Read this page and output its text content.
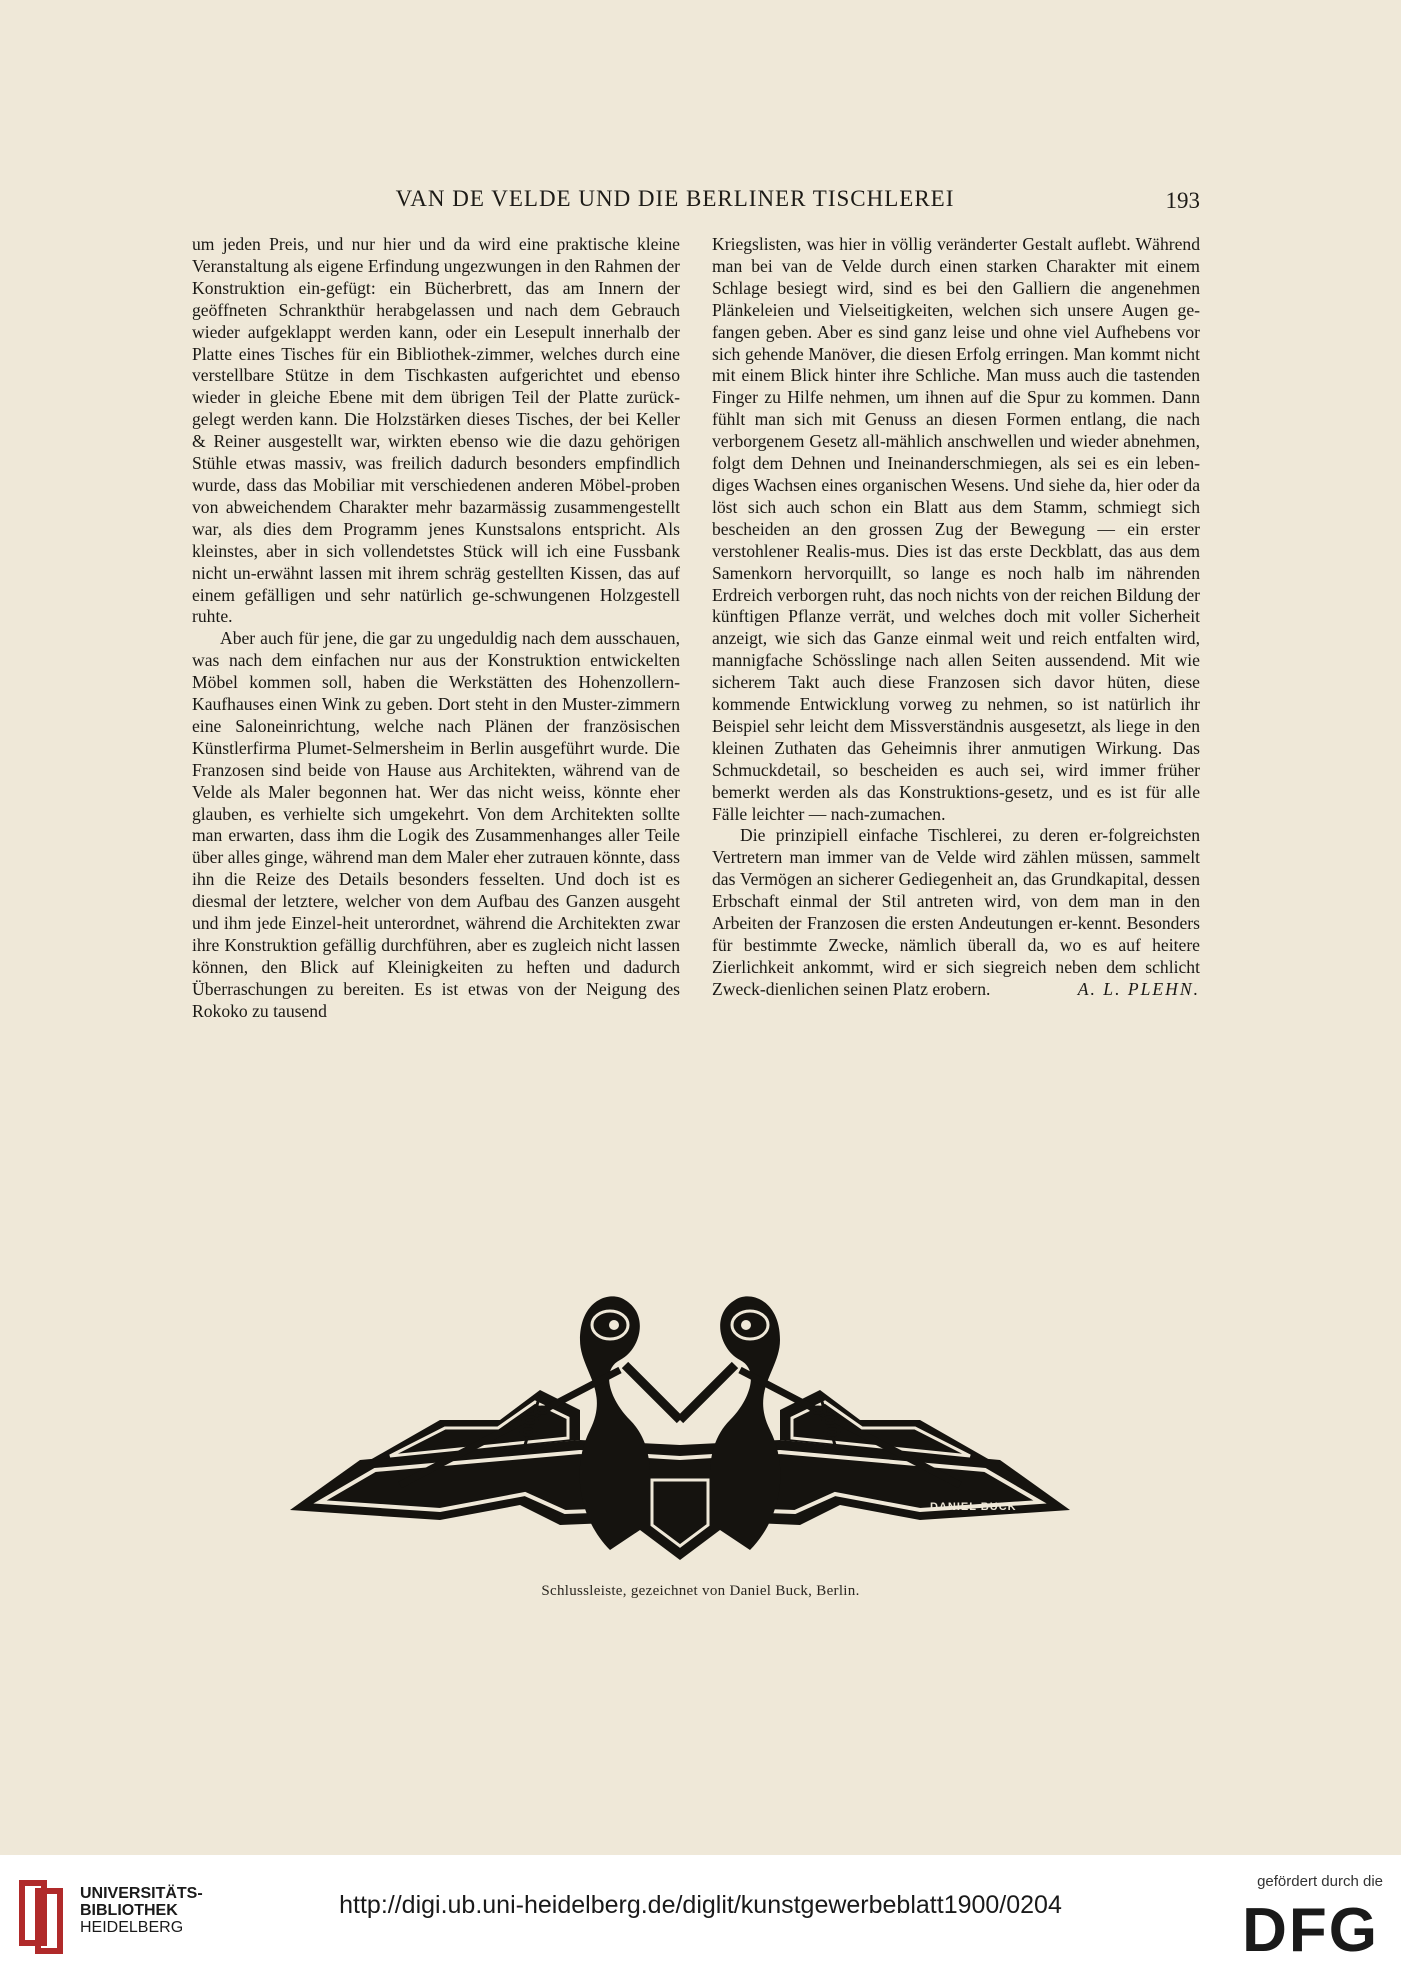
VAN DE VELDE UND DIE BERLINER TISCHLEREI	193

um jeden Preis, und nur hier und da wird eine praktische kleine Veranstaltung als eigene Erfindung ungezwungen in den Rahmen der Konstruktion ein-gefügt: ein Bücherbrett, das am Innern der geöffneten Schrankthür herabgelassen und nach dem Gebrauch wieder aufgeklappt werden kann, oder ein Lesepult innerhalb der Platte eines Tisches für ein Bibliothek-zimmer, welches durch eine verstellbare Stütze in dem Tischkasten aufgerichtet und ebenso wieder in gleiche Ebene mit dem übrigen Teil der Platte zurück-gelegt werden kann. Die Holzstärken dieses Tisches, der bei Keller & Reiner ausgestellt war, wirkten ebenso wie die dazu gehörigen Stühle etwas massiv, was freilich dadurch besonders empfindlich wurde, dass das Mobiliar mit verschiedenen anderen Möbel-proben von abweichendem Charakter mehr bazarmässig zusammengestellt war, als dies dem Programm jenes Kunstsalons entspricht. Als kleinstes, aber in sich vollendetstes Stück will ich eine Fussbank nicht un-erwähnt lassen mit ihrem schräg gestellten Kissen, das auf einem gefälligen und sehr natürlich ge-schwungenen Holzgestell ruhte.

Aber auch für jene, die gar zu ungeduldig nach dem ausschauen, was nach dem einfachen nur aus der Konstruktion entwickelten Möbel kommen soll, haben die Werkstätten des Hohenzollern-Kaufhauses einen Wink zu geben. Dort steht in den Muster-zimmern eine Saloneinrichtung, welche nach Plänen der französischen Künstlerfirma Plumet-Selmersheim in Berlin ausgeführt wurde. Die Franzosen sind beide von Hause aus Architekten, während van de Velde als Maler begonnen hat. Wer das nicht weiss, könnte eher glauben, es verhielte sich umgekehrt. Von dem Architekten sollte man erwarten, dass ihm die Logik des Zusammenhanges aller Teile über alles ginge, während man dem Maler eher zutrauen könnte, dass ihn die Reize des Details besonders fesselten. Und doch ist es diesmal der letztere, welcher von dem Aufbau des Ganzen ausgeht und ihm jede Einzel-heit unterordnet, während die Architekten zwar ihre Konstruktion gefällig durchführen, aber es zugleich nicht lassen können, den Blick auf Kleinigkeiten zu heften und dadurch Überraschungen zu bereiten. Es ist etwas von der Neigung des Rokoko zu tausend

Kriegslisten, was hier in völlig veränderter Gestalt auflebt. Während man bei van de Velde durch einen starken Charakter mit einem Schlage besiegt wird, sind es bei den Galliern die angenehmen Plänkeleien und Vielseitigkeiten, welchen sich unsere Augen ge-fangen geben. Aber es sind ganz leise und ohne viel Aufhebens vor sich gehende Manöver, die diesen Erfolg erringen. Man kommt nicht mit einem Blick hinter ihre Schliche. Man muss auch die tastenden Finger zu Hilfe nehmen, um ihnen auf die Spur zu kommen. Dann fühlt man sich mit Genuss an diesen Formen entlang, die nach verborgenem Gesetz all-mählich anschwellen und wieder abnehmen, folgt dem Dehnen und Ineinanderschmiegen, als sei es ein leben-diges Wachsen eines organischen Wesens. Und siehe da, hier oder da löst sich auch schon ein Blatt aus dem Stamm, schmiegt sich bescheiden an den grossen Zug der Bewegung — ein erster verstohlener Realis-mus. Dies ist das erste Deckblatt, das aus dem Samenkorn hervorquillt, so lange es noch halb im nährenden Erdreich verborgen ruht, das noch nichts von der reichen Bildung der künftigen Pflanze verrät, und welches doch mit voller Sicherheit anzeigt, wie sich das Ganze einmal weit und reich entfalten wird, mannigfache Schösslinge nach allen Seiten aussendend. Mit wie sicherem Takt auch diese Franzosen sich davor hüten, diese kommende Entwicklung vorweg zu nehmen, so ist natürlich ihr Beispiel sehr leicht dem Missverständnis ausgesetzt, als liege in den kleinen Zuthaten das Geheimnis ihrer anmutigen Wirkung. Das Schmuckdetail, so bescheiden es auch sei, wird immer früher bemerkt werden als das Konstruktions-gesetz, und es ist für alle Fälle leichter — nach-zumachen.

Die prinzipiell einfache Tischlerei, zu deren er-folgreichsten Vertretern man immer van de Velde wird zählen müssen, sammelt das Vermögen an sicherer Gediegenheit an, das Grundkapital, dessen Erbschaft einmal der Stil antreten wird, von dem man in den Arbeiten der Franzosen die ersten Andeutungen er-kennt. Besonders für bestimmte Zwecke, nämlich überall da, wo es auf heitere Zierlichkeit ankommt, wird er sich siegreich neben dem schlicht Zweck-dienlichen seinen Platz erobern.	A. L. PLEHN.

DANIEL BUCK
Schlussleiste, gezeichnet von Daniel Buck, Berlin.
UNIVERSITÄTS-
BIBLIOTHEK
HEIDELBERG
http://digi.ub.uni-heidelberg.de/diglit/kunstgewerbeblatt1900/0204
gefördert durch die
DFG
